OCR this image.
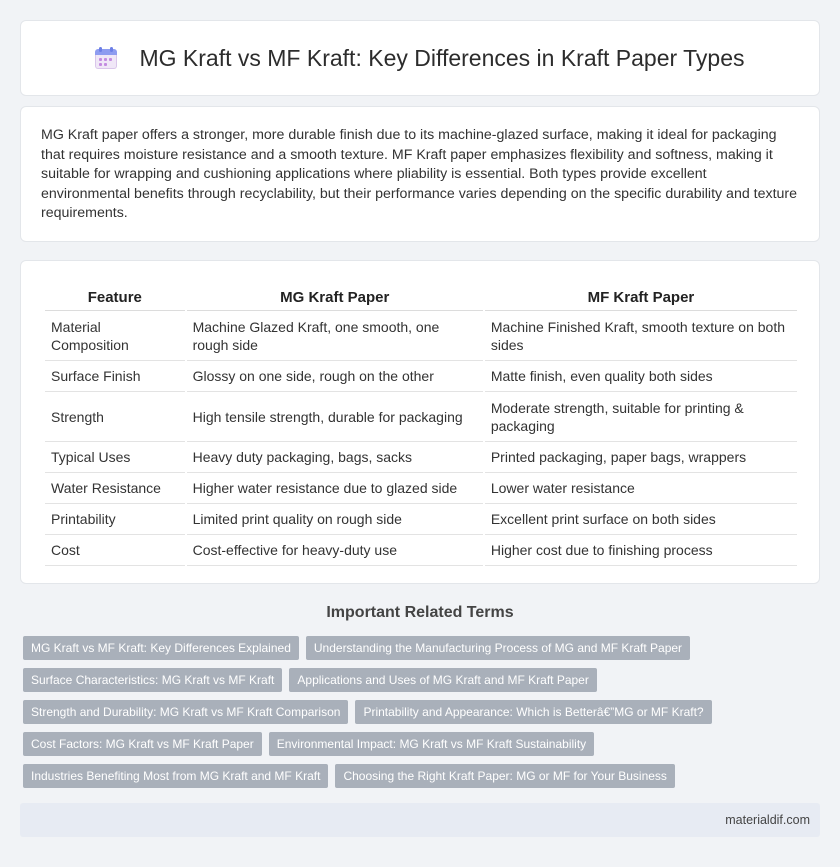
MG Kraft vs MF Kraft: Key Differences in Kraft Paper Types

MG Kraft paper offers a stronger, more durable finish due to its machine-glazed surface, making it ideal for packaging that requires moisture resistance and a smooth texture. MF Kraft paper emphasizes flexibility and softness, making it suitable for wrapping and cushioning applications where pliability is essential. Both types provide excellent environmental benefits through recyclability, but their performance varies depending on the specific durability and texture requirements.

Feature	MG Kraft Paper	MF Kraft Paper
Material Composition	Machine Glazed Kraft, one smooth, one rough side	Machine Finished Kraft, smooth texture on both sides
Surface Finish	Glossy on one side, rough on the other	Matte finish, even quality both sides
Strength	High tensile strength, durable for packaging	Moderate strength, suitable for printing & packaging
Typical Uses	Heavy duty packaging, bags, sacks	Printed packaging, paper bags, wrappers
Water Resistance	Higher water resistance due to glazed side	Lower water resistance
Printability	Limited print quality on rough side	Excellent print surface on both sides
Cost	Cost-effective for heavy-duty use	Higher cost due to finishing process
Important Related Terms
MG Kraft vs MF Kraft: Key Differences Explained	Understanding the Manufacturing Process of MG and MF Kraft Paper
Surface Characteristics: MG Kraft vs MF Kraft	Applications and Uses of MG Kraft and MF Kraft Paper
Strength and Durability: MG Kraft vs MF Kraft Comparison	Printability and Appearance: Which is Betterâ€”MG or MF Kraft?
Cost Factors: MG Kraft vs MF Kraft Paper	Environmental Impact: MG Kraft vs MF Kraft Sustainability
Industries Benefiting Most from MG Kraft and MF Kraft	Choosing the Right Kraft Paper: MG or MF for Your Business
materialdif.com
